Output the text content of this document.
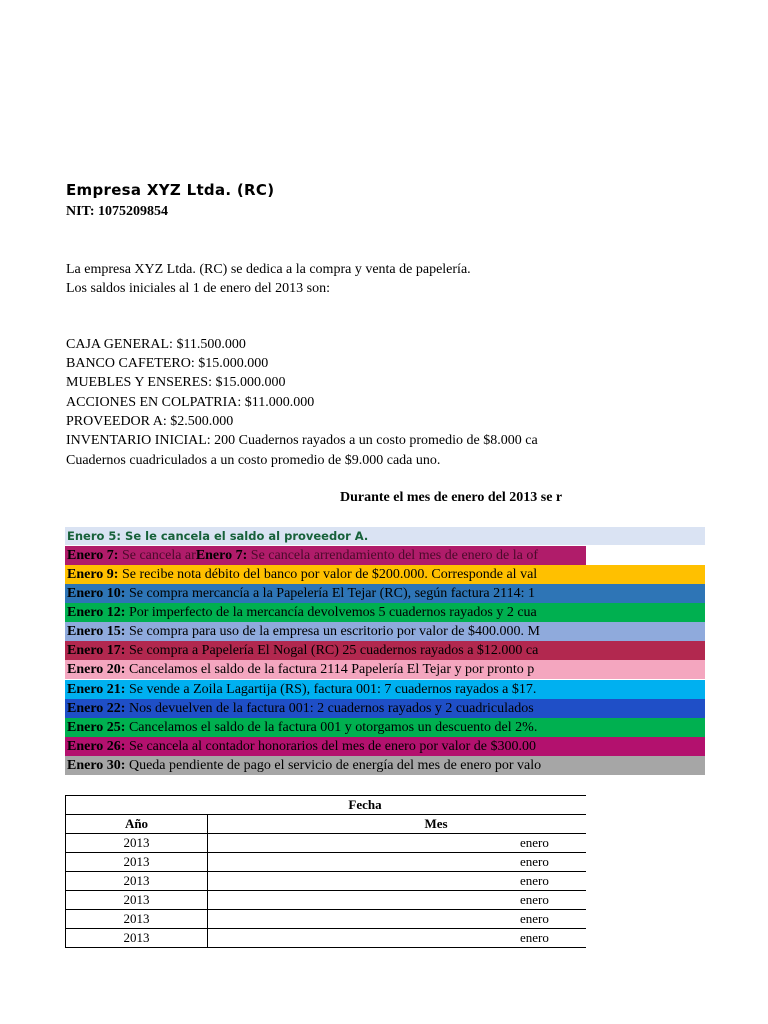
Empresa XYZ Ltda. (RC)
NIT: 1075209854
La empresa XYZ Ltda. (RC) se dedica a la compra y venta de papelería.
Los saldos iniciales al 1 de enero del 2013 son:
CAJA GENERAL: $11.500.000
BANCO CAFETERO: $15.000.000
MUEBLES Y ENSERES: $15.000.000
ACCIONES EN COLPATRIA: $11.000.000
PROVEEDOR A: $2.500.000
INVENTARIO INICIAL: 200 Cuadernos rayados a un costo promedio de $8.000 ca
Cuadernos cuadriculados a un costo promedio de $9.000 cada uno.
Durante el mes de enero del 2013 se r
Enero 5: Se le cancela el saldo al proveedor A.
Enero 7: Se cancela arEnero 7: Se cancela arrendamiento del mes de enero de la of
Enero 9: Se recibe nota débito del banco por valor de $200.000. Corresponde al val
Enero 10: Se compra mercancía a la Papelería El Tejar (RC), según factura 2114: 1
Enero 12: Por imperfecto de la mercancía devolvemos 5 cuadernos rayados y 2 cua
Enero 15: Se compra para uso de la empresa un escritorio por valor de $400.000. M
Enero 17: Se compra a Papelería El Nogal (RC) 25 cuadernos rayados a $12.000 ca
Enero 20: Cancelamos el saldo de la factura 2114 Papelería El Tejar y por pronto p
Enero 21: Se vende a Zoila Lagartija (RS), factura 001: 7 cuadernos rayados a $17.
Enero 22: Nos devuelven de la factura 001: 2 cuadernos rayados y 2 cuadriculados
Enero 25: Cancelamos el saldo de la factura 001 y otorgamos un descuento del 2%.
Enero 26: Se cancela al contador honorarios del mes de enero por valor de $300.00
Enero 30: Queda pendiente de pago el servicio de energía del mes de enero por valo
Fecha	
Año	Mes
2013	enero
2013	enero
2013	enero
2013	enero
2013	enero
2013	enero
